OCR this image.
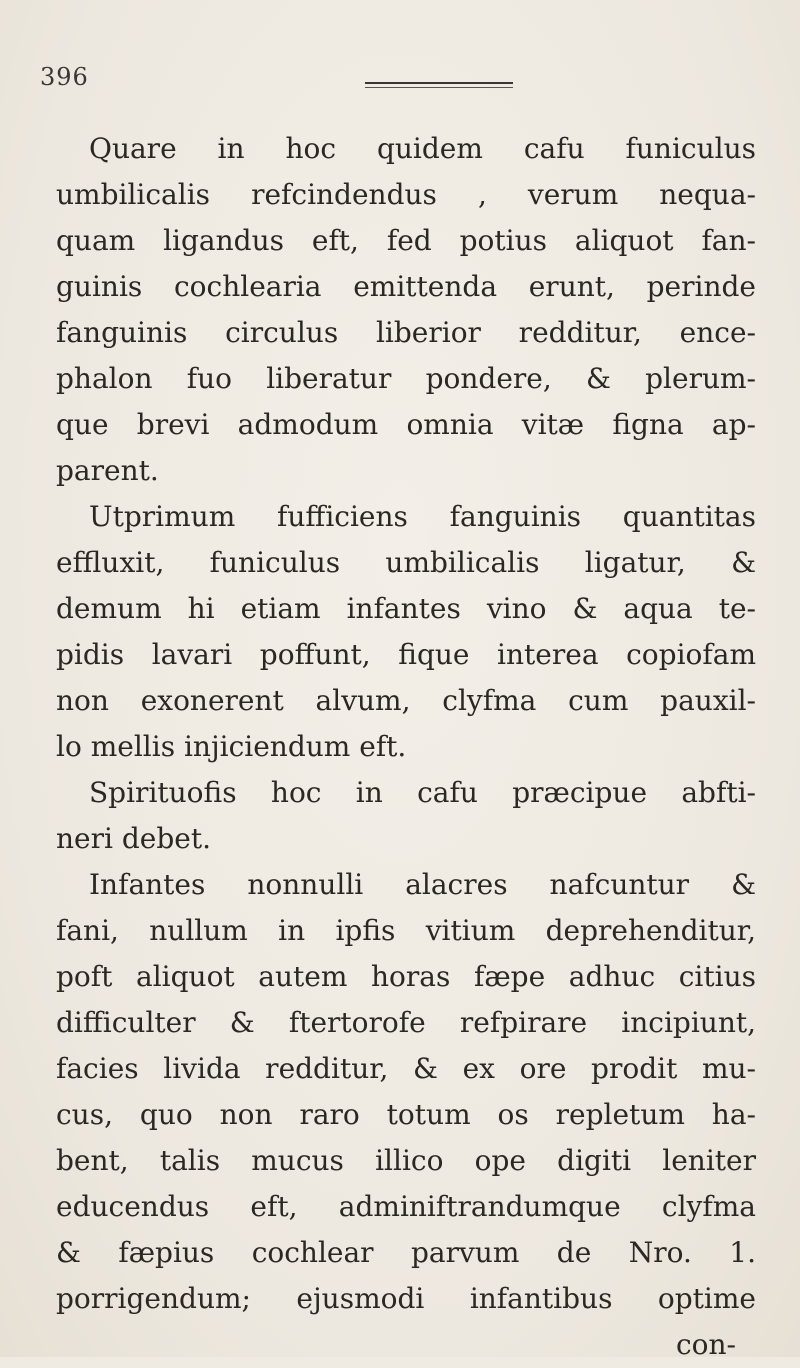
396
Quare in hoc quidem cafu funiculus
umbilicalis refcindendus , verum nequa-
quam ligandus eft, fed potius aliquot fan-
guinis cochlearia emittenda erunt, perinde
fanguinis circulus liberior redditur, ence-
phalon fuo liberatur pondere, & plerum-
que brevi admodum omnia vitæ figna ap-
parent.
Utprimum fufficiens fanguinis quantitas
effluxit, funiculus umbilicalis ligatur, &
demum hi etiam infantes vino & aqua te-
pidis lavari poffunt, fique interea copiofam
non exonerent alvum, clyfma cum pauxil-
lo mellis injiciendum eft.
Spirituofis hoc in cafu præcipue abfti-
neri debet.
Infantes nonnulli alacres nafcuntur &
fani, nullum in ipfis vitium deprehenditur,
poft aliquot autem horas fæpe adhuc citius
difficulter & ftertorofe refpirare incipiunt,
facies livida redditur, & ex ore prodit mu-
cus, quo non raro totum os repletum ha-
bent, talis mucus illico ope digiti leniter
educendus eft, adminiftrandumque clyfma
& fæpius cochlear parvum de Nro. 1.
porrigendum; ejusmodi infantibus optime
con-
